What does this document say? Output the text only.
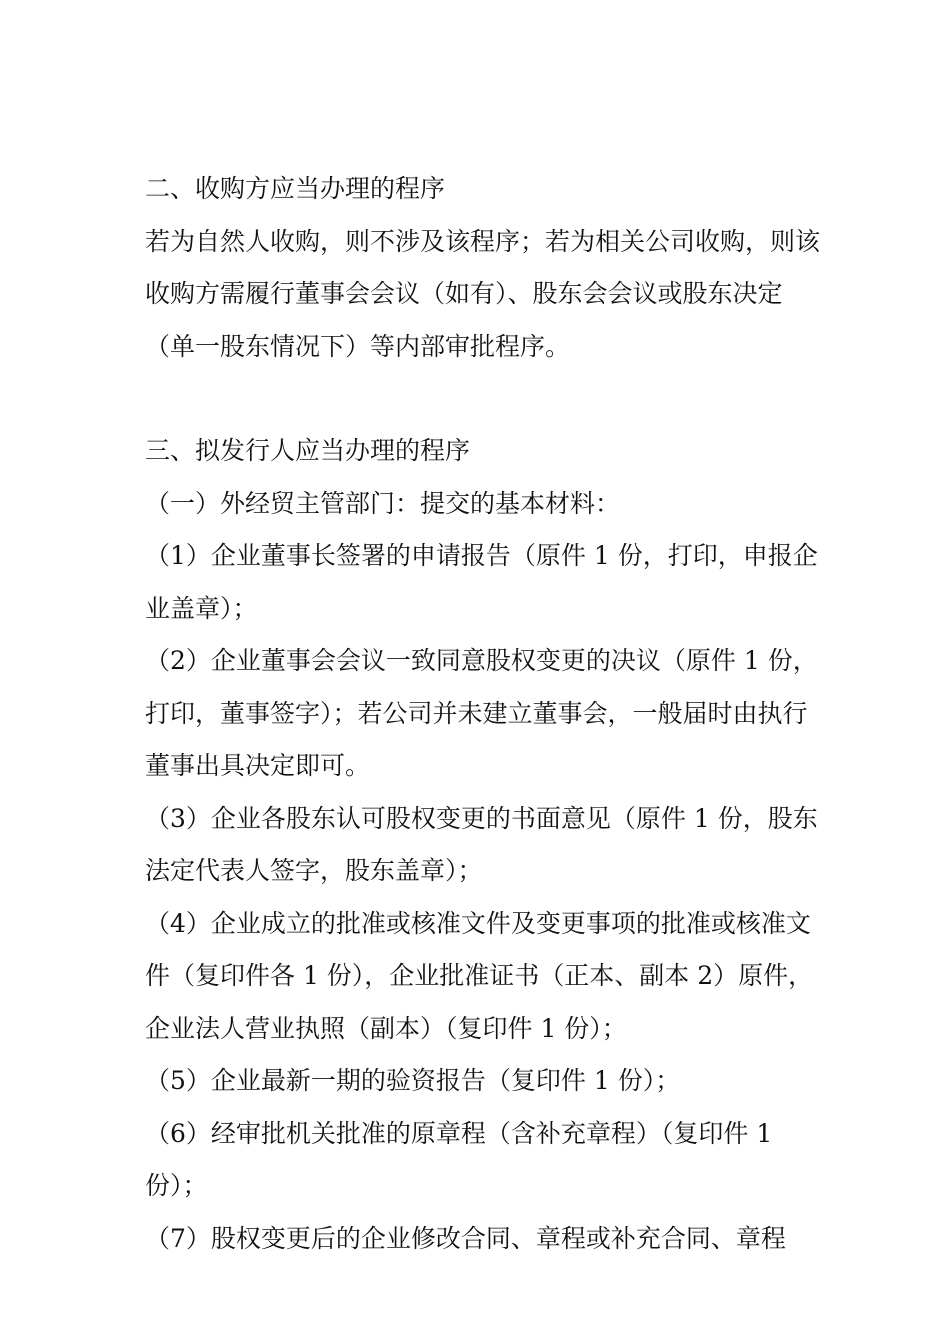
二、收购方应当办理的程序

若为自然人收购，则不涉及该程序；若为相关公司收购，则该收购方需履行董事会会议（如有）、股东会会议或股东决定（单一股东情况下）等内部审批程序。

三、拟发行人应当办理的程序

（一）外经贸主管部门：提交的基本材料：

（1）企业董事长签署的申请报告（原件 1 份，打印，申报企业盖章）；

（2）企业董事会会议一致同意股权变更的决议（原件 1 份，打印，董事签字）；若公司并未建立董事会，一般届时由执行董事出具决定即可。

（3）企业各股东认可股权变更的书面意见（原件 1 份，股东法定代表人签字，股东盖章）；

（4）企业成立的批准或核准文件及变更事项的批准或核准文件（复印件各 1 份），企业批准证书（正本、副本 2）原件，企业法人营业执照（副本）（复印件 1 份）；

（5）企业最新一期的验资报告（复印件 1 份）；

（6）经审批机关批准的原章程（含补充章程）（复印件 1 份）；

（7）股权变更后的企业修改合同、章程或补充合同、章程
